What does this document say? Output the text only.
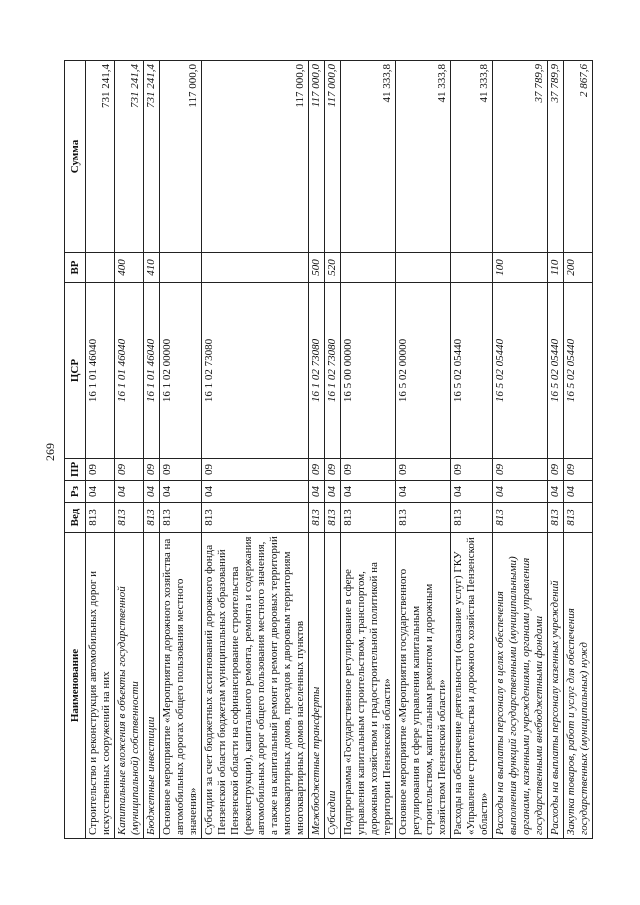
269
Наименование	Вед	Рз	ПР	ЦСР	ВР	Сумма
Строительство и реконструкция автомобильных дорог и искусственных сооружений на них	813	04	09	16 1 01 46040		731 241,4
Капитальные вложения в объекты государственной (муниципальной) собственности	813	04	09	16 1 01 46040	400	731 241,4
Бюджетные инвестиции	813	04	09	16 1 01 46040	410	731 241,4
Основное мероприятие «Мероприятия дорожного хозяйства на автомобильных дорогах общего пользования местного значения»	813	04	09	16 1 02 00000		117 000,0
Субсидии за счет бюджетных ассигнований дорожного фонда Пензенской области бюджетам муниципальных образований Пензенской области на софинансирование строительства (реконструкции), капитального ремонта, ремонта и содержания автомобильных дорог общего пользования местного значения, а также на капитальный ремонт и ремонт дворовых территорий многоквартирных домов, проездов к дворовым территориям многоквартирных домов населенных пунктов	813	04	09	16 1 02 73080		117 000,0
Межбюджетные трансферты	813	04	09	16 1 02 73080	500	117 000,0
Субсидии	813	04	09	16 1 02 73080	520	117 000,0
Подпрограмма «Государственное регулирование в сфере управления капитальным строительством, транспортом, дорожным хозяйством и градостроительной политикой на территории Пензенской области»	813	04	09	16 5 00 00000		41 333,8
Основное мероприятие «Мероприятия государственного регулирования в сфере управления капитальным строительством, капитальным ремонтом и дорожным хозяйством Пензенской области»	813	04	09	16 5 02 00000		41 333,8
Расходы на обеспечение деятельности (оказание услуг) ГКУ «Управление строительства и дорожного хозяйства Пензенской области»	813	04	09	16 5 02 05440		41 333,8
Расходы на выплаты персоналу в целях обеспечения выполнения функций государственными (муниципальными) органами, казенными учреждениями, органами управления государственными внебюджетными фондами	813	04	09	16 5 02 05440	100	37 789,9
Расходы на выплаты персоналу казенных учреждений	813	04	09	16 5 02 05440	110	37 789,9
Закупка товаров, работ и услуг для обеспечения государственных (муниципальных) нужд	813	04	09	16 5 02 05440	200	2 867,6
